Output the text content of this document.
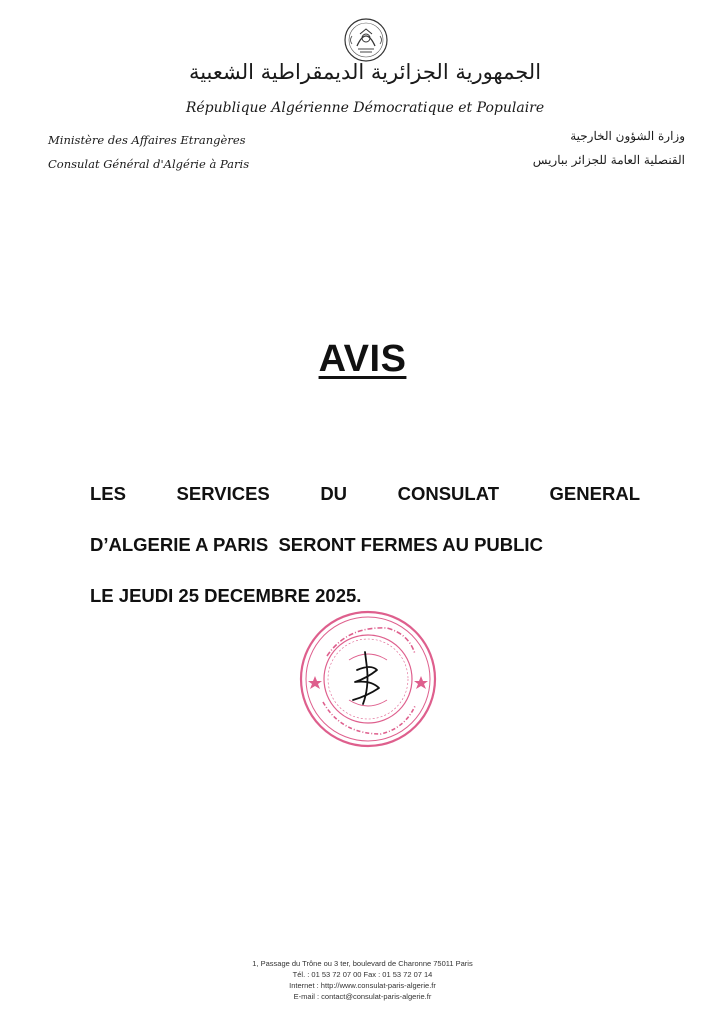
الجمهورية الجزائرية الديمقراطية الشعبية
République Algérienne Démocratique et Populaire
Ministère des Affaires Etrangères
Consulat Général d'Algérie à Paris
وزارة الشؤون الخارجية
القنصلية العامة للجزائر بباريس
AVIS
LES	SERVICES	DU	CONSULAT	GENERAL
D’ALGERIE A PARIS  SERONT FERMES AU PUBLIC
LE JEUDI 25 DECEMBRE 2025.
1, Passage du Trône ou 3 ter, boulevard de Charonne 75011 Paris
Tél. : 01 53 72 07 00 Fax : 01 53 72 07 14
Internet : http://www.consulat-paris-algerie.fr
E-mail : contact@consulat-paris-algerie.fr
